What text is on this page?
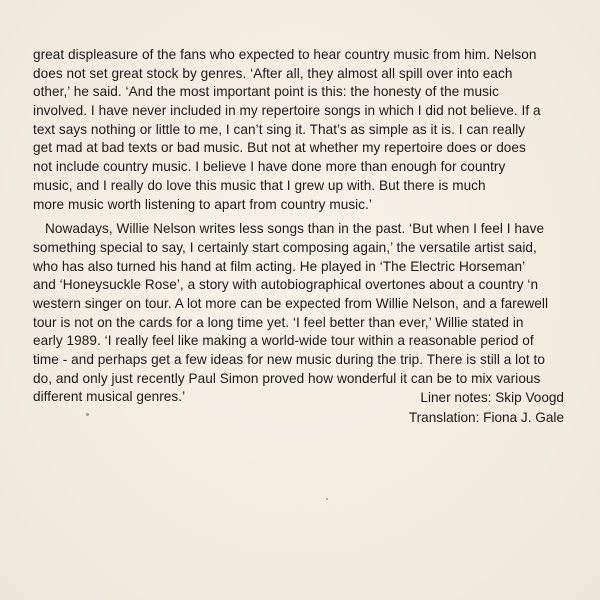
great displeasure of the fans who expected to hear country music from him. Nelson
does not set great stock by genres. ‘After all, they almost all spill over into each
other,’ he said. ‘And the most important point is this: the honesty of the music
involved. I have never included in my repertoire songs in which I did not believe. If a
text says nothing or little to me, I can’t sing it. That’s as simple as it is. I can really
get mad at bad texts or bad music. But not at whether my repertoire does or does
not include country music. I believe I have done more than enough for country
music, and I really do love this music that I grew up with. But there is much
more music worth listening to apart from country music.’
Nowadays, Willie Nelson writes less songs than in the past. ‘But when I feel I have
something special to say, I certainly start composing again,’ the versatile artist said,
who has also turned his hand at film acting. He played in ‘The Electric Horseman’
and ‘Honeysuckle Rose’, a story with autobiographical overtones about a country ‘n
western singer on tour. A lot more can be expected from Willie Nelson, and a farewell
tour is not on the cards for a long time yet. ‘I feel better than ever,’ Willie stated in
early 1989. ‘I really feel like making a world-wide tour within a reasonable period of
time - and perhaps get a few ideas for new music during the trip. There is still a lot to
do, and only just recently Paul Simon proved how wonderful it can be to mix various
different musical genres.’	Liner notes: Skip Voogd
Translation: Fiona J. Gale
